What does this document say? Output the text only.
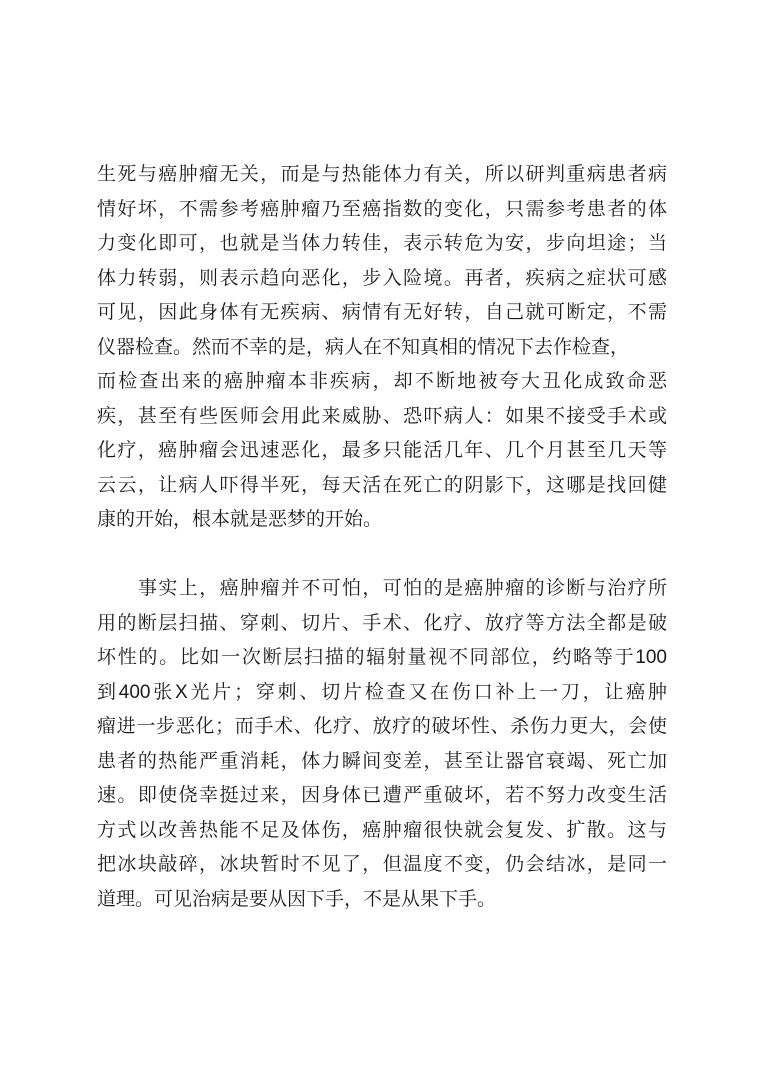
生死与癌肿瘤无关，而是与热能体力有关，所以研判重病患者病
情好坏，不需参考癌肿瘤乃至癌指数的变化，只需参考患者的体
力变化即可，也就是当体力转佳，表示转危为安，步向坦途；当
体力转弱，则表示趋向恶化，步入险境。再者，疾病之症状可感
可见，因此身体有无疾病、病情有无好转，自己就可断定，不需
仪器检查。然而不幸的是，病人在不知真相的情况下去作检查，
而检查出来的癌肿瘤本非疾病，却不断地被夸大丑化成致命恶
疾，甚至有些医师会用此来威胁、恐吓病人：如果不接受手术或
化疗，癌肿瘤会迅速恶化，最多只能活几年、几个月甚至几天等
云云，让病人吓得半死，每天活在死亡的阴影下，这哪是找回健
康的开始，根本就是恶梦的开始。
事实上，癌肿瘤并不可怕，可怕的是癌肿瘤的诊断与治疗所
用的断层扫描、穿刺、切片、手术、化疗、放疗等方法全都是破
坏性的。比如一次断层扫描的辐射量视不同部位，约略等于100
到400张X光片；穿刺、切片检查又在伤口补上一刀，让癌肿
瘤进一步恶化；而手术、化疗、放疗的破坏性、杀伤力更大，会使
患者的热能严重消耗，体力瞬间变差，甚至让器官衰竭、死亡加
速。即使侥幸挺过来，因身体已遭严重破坏，若不努力改变生活
方式以改善热能不足及体伤，癌肿瘤很快就会复发、扩散。这与
把冰块敲碎，冰块暂时不见了，但温度不变，仍会结冰，是同一
道理。可见治病是要从因下手，不是从果下手。
